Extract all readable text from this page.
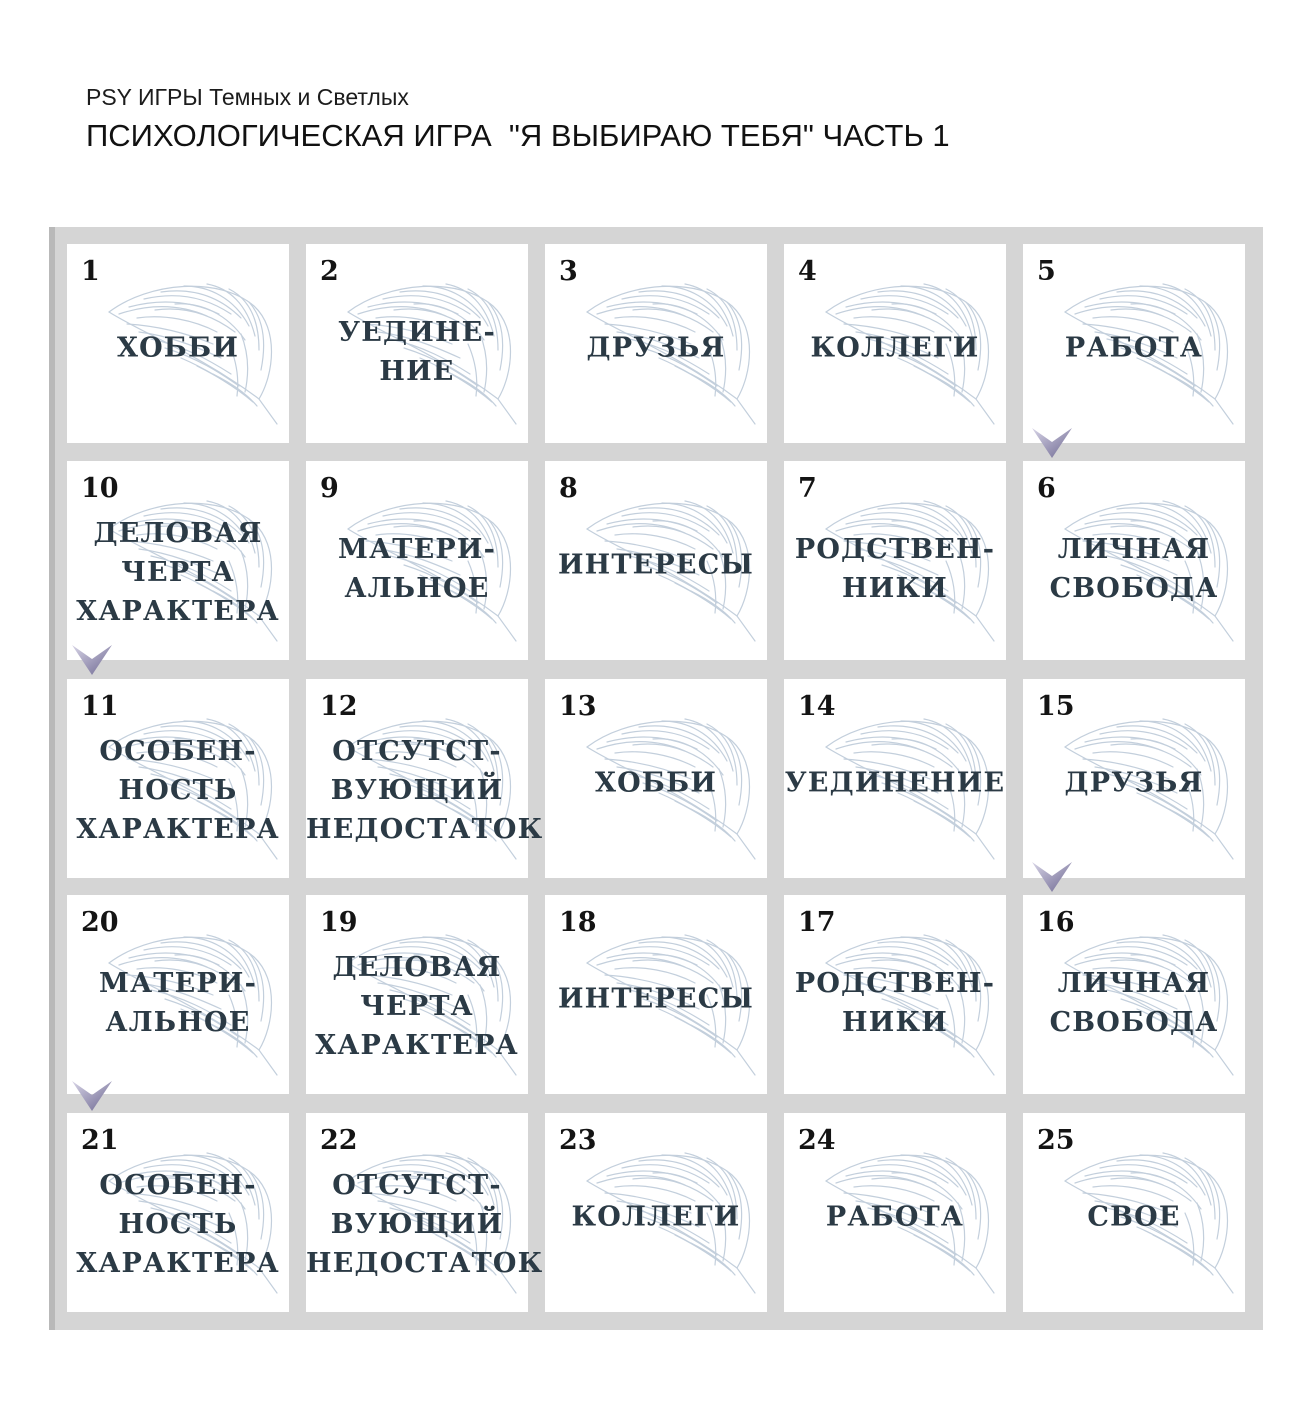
PSY ИГРЫ Темных и Светлых
ПСИХОЛОГИЧЕСКАЯ ИГРА  "Я ВЫБИРАЮ ТЕБЯ" ЧАСТЬ 1
1
ХОББИ
2
УЕДИНЕ-
НИЕ
3
ДРУЗЬЯ
4
КОЛЛЕГИ
5
РАБОТА
10
ДЕЛОВАЯ
ЧЕРТА
ХАРАКТЕРА
9
МАТЕРИ-
АЛЬНОЕ
8
ИНТЕРЕСЫ
7
РОДСТВЕН-
НИКИ
6
ЛИЧНАЯ
СВОБОДА
11
ОСОБЕН-
НОСТЬ
ХАРАКТЕРА
12
ОТСУТСТ-
ВУЮЩИЙ
НЕДОСТАТОК
13
ХОББИ
14
УЕДИНЕНИЕ
15
ДРУЗЬЯ
20
МАТЕРИ-
АЛЬНОЕ
19
ДЕЛОВАЯ
ЧЕРТА
ХАРАКТЕРА
18
ИНТЕРЕСЫ
17
РОДСТВЕН-
НИКИ
16
ЛИЧНАЯ
СВОБОДА
21
ОСОБЕН-
НОСТЬ
ХАРАКТЕРА
22
ОТСУТСТ-
ВУЮЩИЙ
НЕДОСТАТОК
23
КОЛЛЕГИ
24
РАБОТА
25
СВОЕ
